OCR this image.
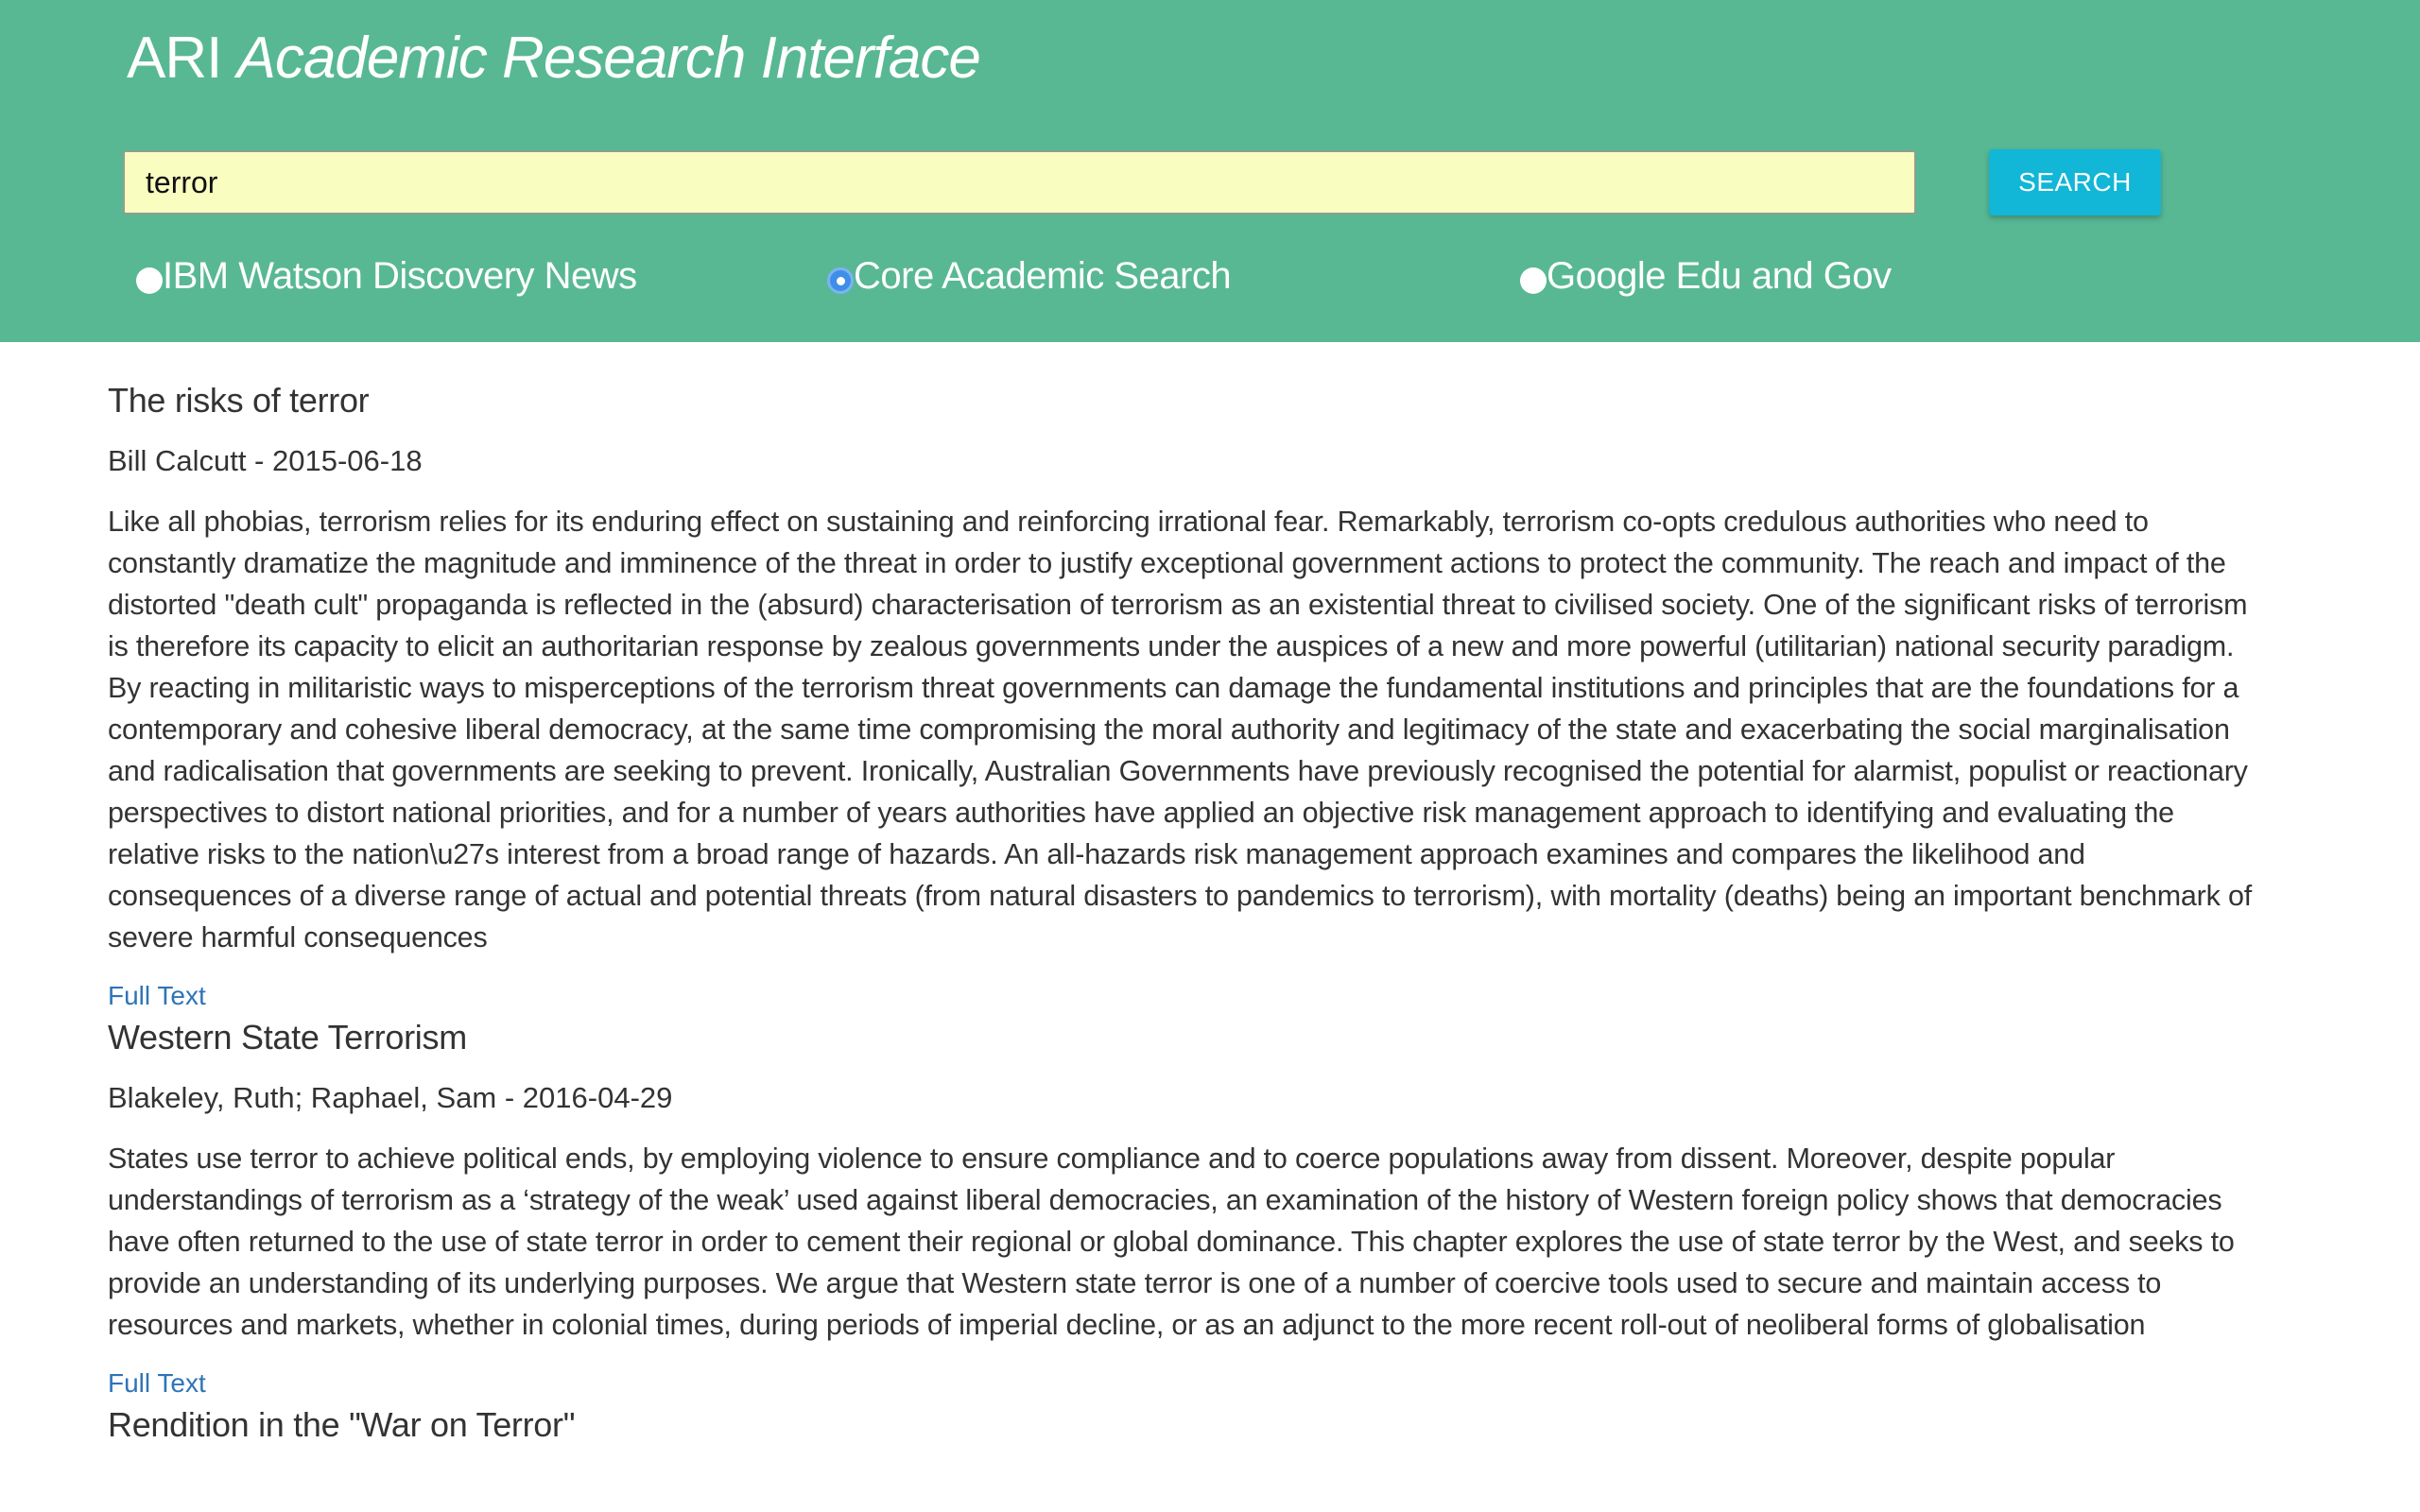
ARI Academic Research Interface
terror
SEARCH
IBM Watson Discovery News	Core Academic Search	Google Edu and Gov
The risks of terror

Bill Calcutt - 2015-06-18

Like all phobias, terrorism relies for its enduring effect on sustaining and reinforcing irrational fear. Remarkably, terrorism co-opts credulous authorities who need to constantly dramatize the magnitude and imminence of the threat in order to justify exceptional government actions to protect the community. The reach and impact of the distorted "death cult" propaganda is reflected in the (absurd) characterisation of terrorism as an existential threat to civilised society. One of the significant risks of terrorism is therefore its capacity to elicit an authoritarian response by zealous governments under the auspices of a new and more powerful (utilitarian) national security paradigm. By reacting in militaristic ways to misperceptions of the terrorism threat governments can damage the fundamental institutions and principles that are the foundations for a contemporary and cohesive liberal democracy, at the same time compromising the moral authority and legitimacy of the state and exacerbating the social marginalisation and radicalisation that governments are seeking to prevent. Ironically, Australian Governments have previously recognised the potential for alarmist, populist or reactionary perspectives to distort national priorities, and for a number of years authorities have applied an objective risk management approach to identifying and evaluating the relative risks to the nation\u27s interest from a broad range of hazards. An all-hazards risk management approach examines and compares the likelihood and consequences of a diverse range of actual and potential threats (from natural disasters to pandemics to terrorism), with mortality (deaths) being an important benchmark of severe harmful consequences

Full Text
Western State Terrorism

Blakeley, Ruth; Raphael, Sam - 2016-04-29

States use terror to achieve political ends, by employing violence to ensure compliance and to coerce populations away from dissent. Moreover, despite popular understandings of terrorism as a ‘strategy of the weak’ used against liberal democracies, an examination of the history of Western foreign policy shows that democracies have often returned to the use of state terror in order to cement their regional or global dominance. This chapter explores the use of state terror by the West, and seeks to provide an understanding of its underlying purposes. We argue that Western state terror is one of a number of coercive tools used to secure and maintain access to resources and markets, whether in colonial times, during periods of imperial decline, or as an adjunct to the more recent roll-out of neoliberal forms of globalisation

Full Text
Rendition in the "War on Terror"
